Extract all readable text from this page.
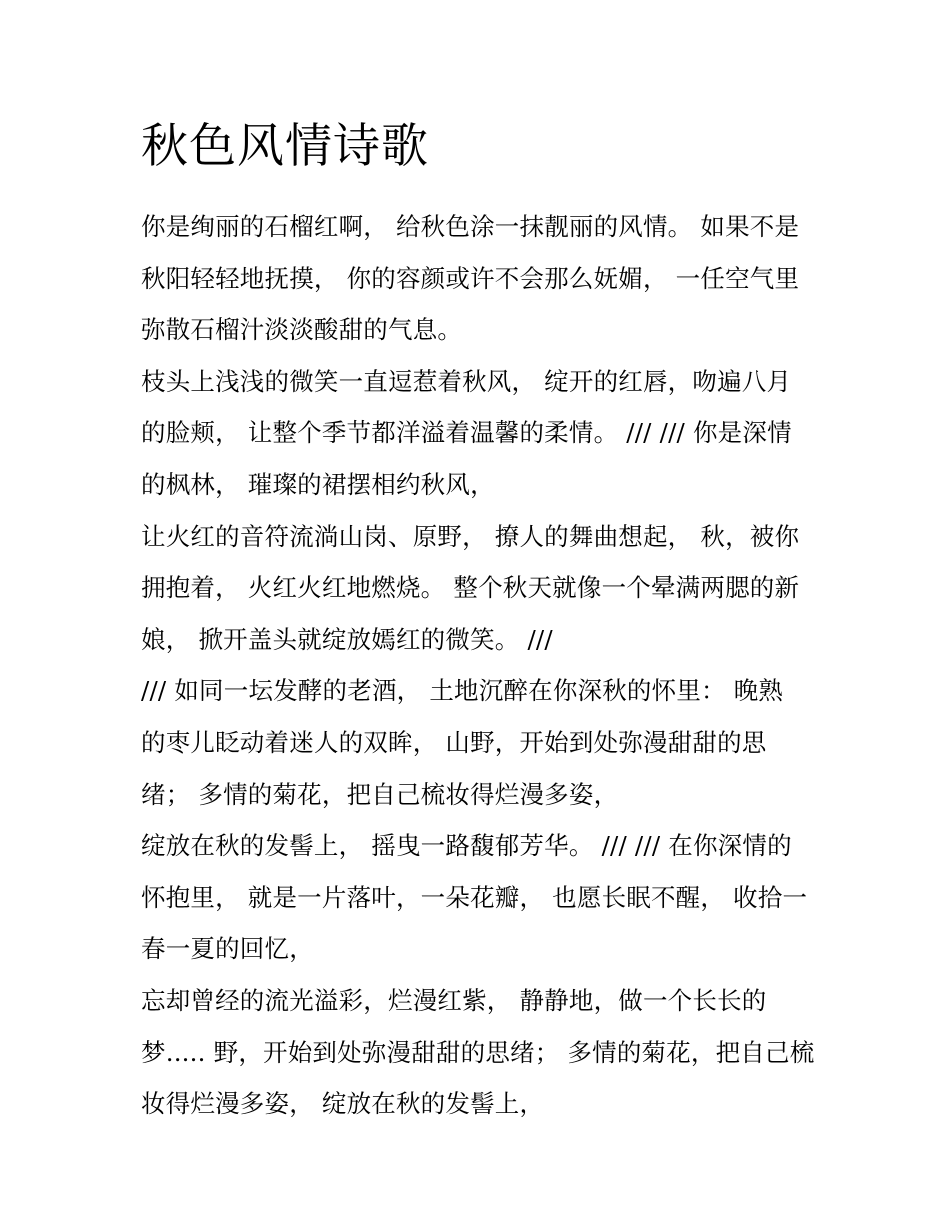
秋色风情诗歌
你是绚丽的石榴红啊， 给秋色涂一抹靓丽的风情。 如果不是
秋阳轻轻地抚摸， 你的容颜或许不会那么妩媚， 一任空气里
弥散石榴汁淡淡酸甜的气息。
枝头上浅浅的微笑一直逗惹着秋风， 绽开的红唇，吻遍八月
的脸颊， 让整个季节都洋溢着温馨的柔情。 /// /// 你是深情
的枫林， 璀璨的裙摆相约秋风，
让火红的音符流淌山岗、原野， 撩人的舞曲想起， 秋，被你
拥抱着， 火红火红地燃烧。 整个秋天就像一个晕满两腮的新
娘， 掀开盖头就绽放嫣红的微笑。 ///
/// 如同一坛发酵的老酒， 土地沉醉在你深秋的怀里： 晚熟
的枣儿眨动着迷人的双眸， 山野，开始到处弥漫甜甜的思
绪； 多情的菊花，把自己梳妆得烂漫多姿，
绽放在秋的发髻上， 摇曳一路馥郁芳华。 /// /// 在你深情的
怀抱里， 就是一片落叶，一朵花瓣， 也愿长眠不醒， 收拾一
春一夏的回忆，
忘却曾经的流光溢彩，烂漫红紫， 静静地，做一个长长的
梦..... 野，开始到处弥漫甜甜的思绪； 多情的菊花，把自己梳
妆得烂漫多姿， 绽放在秋的发髻上，
